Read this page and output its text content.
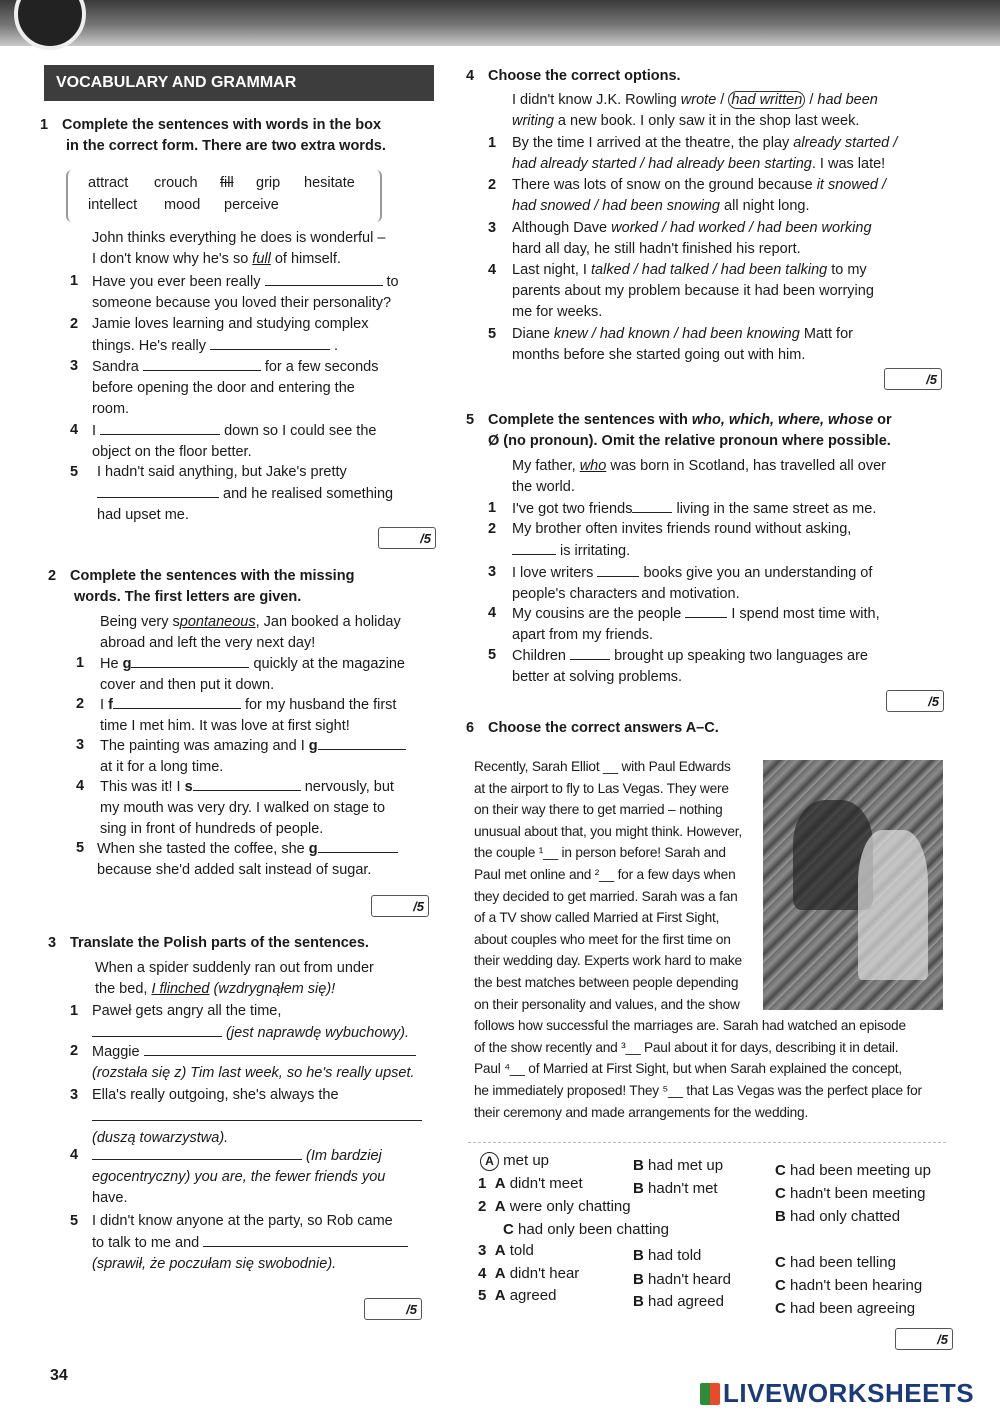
VOCABULARY AND GRAMMAR
1 Complete the sentences with words in the box
in the correct form. There are two extra words.
attract crouch fill grip hesitate
intellect mood perceive
John thinks everything he does is wonderful –
I don't know why he's so full of himself.
1 Have you ever been really	to
someone because you loved their personality?
2 Jamie loves learning and studying complex
things. He's really	.
3 Sandra	for a few seconds
before opening the door and entering the
room.
4 I	down so I could see the
object on the floor better.
5 I hadn't said anything, but Jake's pretty
and he realised something
had upset me.
/5
2 Complete the sentences with the missing
words. The first letters are given.
Being very spontaneous, Jan booked a holiday
abroad and left the very next day!
1 He g	quickly at the magazine
cover and then put it down.
2 I f	for my husband the first
time I met him. It was love at first sight!
3 The painting was amazing and I g
at it for a long time.
4 This was it! I s	nervously, but
my mouth was very dry. I walked on stage to
sing in front of hundreds of people.
5 When she tasted the coffee, she g
because she'd added salt instead of sugar.
/5
3 Translate the Polish parts of the sentences.
When a spider suddenly ran out from under
the bed, I flinched (wzdrygnąłem się)!
1 Paweł gets angry all the time,
(jest naprawdę wybuchowy).
2 Maggie
(rozstała się z) Tim last week, so he's really upset.
3 Ella's really outgoing, she's always the

(duszą towarzystwa).
4	(Im bardziej
egocentryczny) you are, the fewer friends you
have.
5 I didn't know anyone at the party, so Rob came
to talk to me and
(sprawił, że poczułam się swobodnie).
/5
4 Choose the correct options.
I didn't know J.K. Rowling wrote / had written / had been
writing a new book. I only saw it in the shop last week.
1 By the time I arrived at the theatre, the play already started /
had already started / had already been starting. I was late!
2 There was lots of snow on the ground because it snowed /
had snowed / had been snowing all night long.
3 Although Dave worked / had worked / had been working
hard all day, he still hadn't finished his report.
4 Last night, I talked / had talked / had been talking to my
parents about my problem because it had been worrying
me for weeks.
5 Diane knew / had known / had been knowing Matt for
months before she started going out with him.
/5
5 Complete the sentences with who, which, where, whose or
Ø (no pronoun). Omit the relative pronoun where possible.
My father, who was born in Scotland, has travelled all over
the world.
1 I've got two friends	living in the same street as me.
2 My brother often invites friends round without asking,
is irritating.
3 I love writers	books give you an understanding of
people's characters and motivation.
4 My cousins are the people	I spend most time with,
apart from my friends.
5 Children	brought up speaking two languages are
better at solving problems.
/5
6 Choose the correct answers A–C.
Recently, Sarah Elliot __ with Paul Edwards
at the airport to fly to Las Vegas. They were
on their way there to get married – nothing
unusual about that, you might think. However,
the couple ¹__ in person before! Sarah and
Paul met online and ²__ for a few days when
they decided to get married. Sarah was a fan
of a TV show called Married at First Sight,
about couples who meet for the first time on
their wedding day. Experts work hard to make
the best matches between people depending
on their personality and values, and the show
follows how successful the marriages are. Sarah had watched an episode
of the show recently and ³__ Paul about it for days, describing it in detail.
Paul ⁴__ of Married at First Sight, but when Sarah explained the concept,
he immediately proposed! They ⁵__ that Las Vegas was the perfect place for
their ceremony and made arrangements for the wedding.
A met up	B had met up	C had been meeting up
1 A didn't meet	B hadn't met	C hadn't been meeting
2 A were only chatting
B had only chatted
C had only been chatting
3 A told	B had told	C had been telling
4 A didn't hear	B hadn't heard	C hadn't been hearing
5 A agreed	B had agreed	C had been agreeing
/5
34
LIVEWORKSHEETS
